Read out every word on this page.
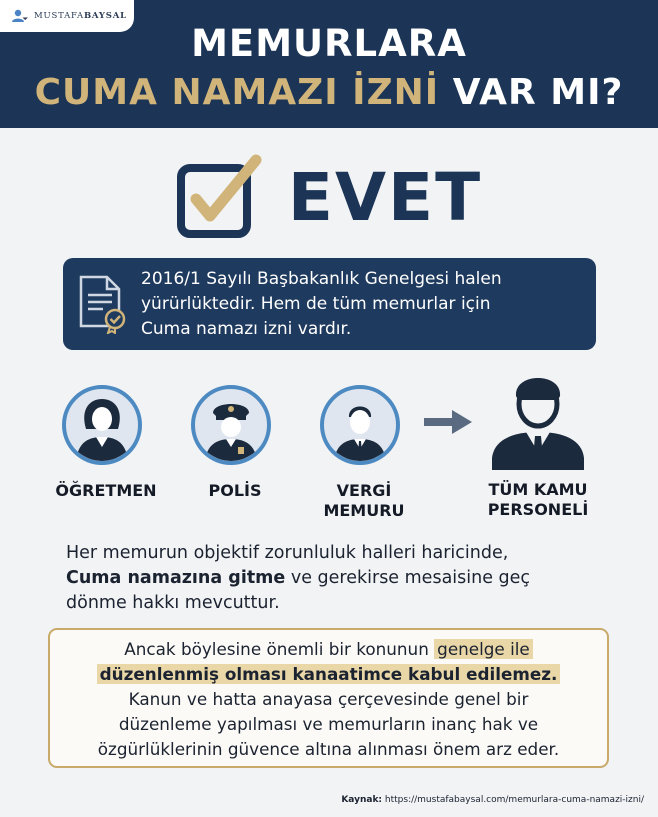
MUSTAFABAYSAL
MEMURLARA
CUMA NAMAZI İZNİ VAR MI?
EVET
2016/1 Sayılı Başbakanlık Genelgesi halen
yürürlüktedir. Hem de tüm memurlar için
Cuma namazı izni vardır.
ÖĞRETMEN	POLİS	VERGİ
MEMURU
TÜM KAMU
PERSONELİ
Her memurun objektif zorunluluk halleri haricinde,
Cuma namazına gitme ve gerekirse mesaisine geç
dönme hakkı mevcuttur.
Ancak böylesine önemli bir konunun genelge ile
düzenlenmiş olması kanaatimce kabul edilemez.
Kanun ve hatta anayasa çerçevesinde genel bir
düzenleme yapılması ve memurların inanç hak ve
özgürlüklerinin güvence altına alınması önem arz eder.
Kaynak: https://mustafabaysal.com/memurlara-cuma-namazi-izni/
